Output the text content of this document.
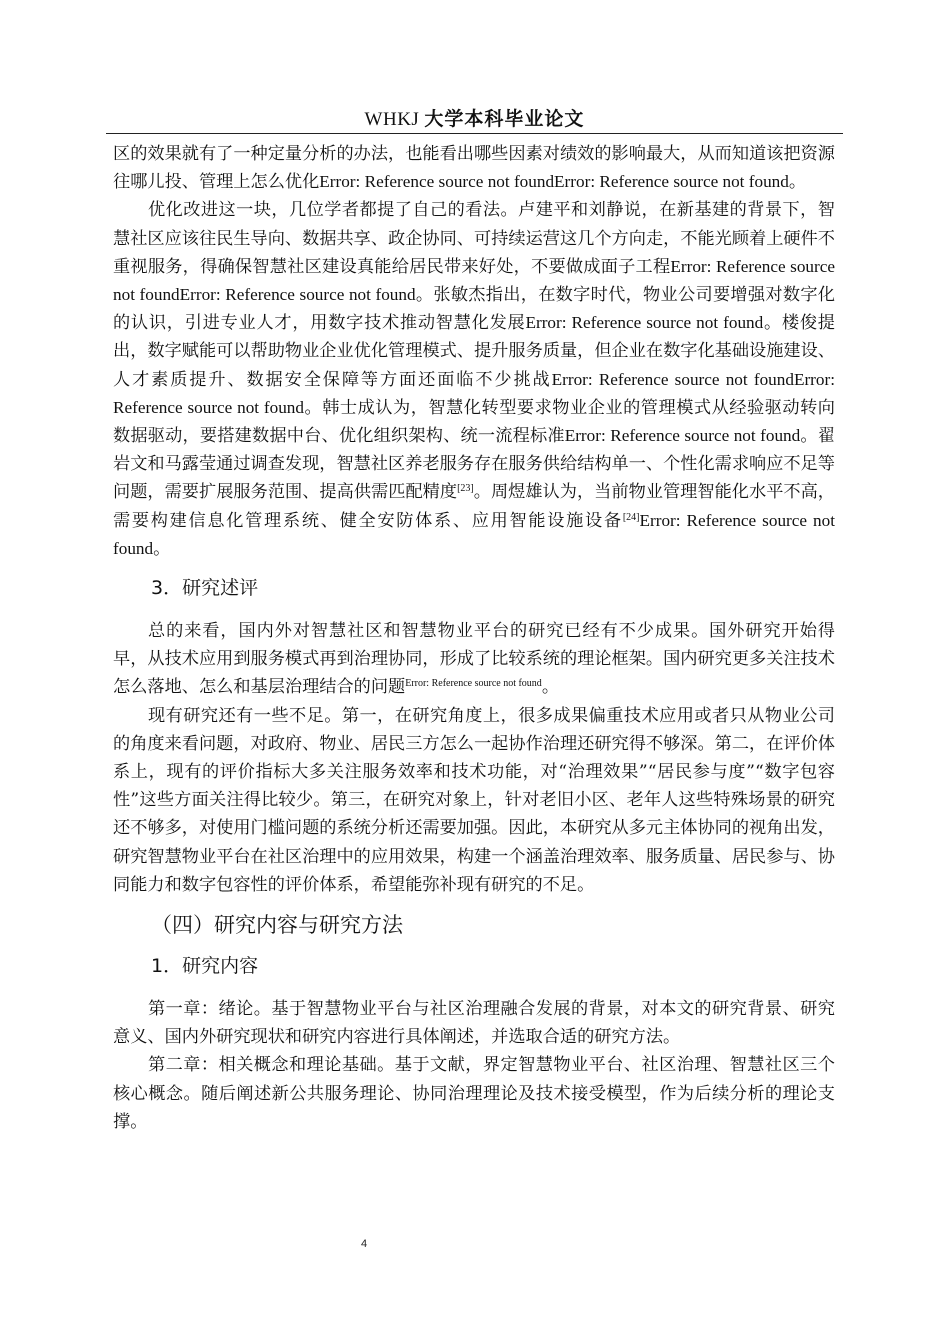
WHKJ 大学本科毕业论文

区的效果就有了一种定量分析的办法，也能看出哪些因素对绩效的影响最大，从而知道该把资源往哪儿投、管理上怎么优化Error: Reference source not foundError: Reference source not found。

优化改进这一块，几位学者都提了自己的看法。卢建平和刘静说，在新基建的背景下，智慧社区应该往民生导向、数据共享、政企协同、可持续运营这几个方向走，不能光顾着上硬件不重视服务，得确保智慧社区建设真能给居民带来好处，不要做成面子工程Error: Reference source not foundError: Reference source not found。张敏杰指出，在数字时代，物业公司要增强对数字化的认识，引进专业人才，用数字技术推动智慧化发展Error: Reference source not found。楼俊提出，数字赋能可以帮助物业企业优化管理模式、提升服务质量，但企业在数字化基础设施建设、人才素质提升、数据安全保障等方面还面临不少挑战Error: Reference source not foundError: Reference source not found。韩士成认为，智慧化转型要求物业企业的管理模式从经验驱动转向数据驱动，要搭建数据中台、优化组织架构、统一流程标准Error: Reference source not found。翟岩文和马露莹通过调查发现，智慧社区养老服务存在服务供给结构单一、个性化需求响应不足等问题，需要扩展服务范围、提高供需匹配精度[23]。周煜雄认为，当前物业管理智能化水平不高，需要构建信息化管理系统、健全安防体系、应用智能设施设备[24]Error: Reference source not found。

3．研究述评

总的来看，国内外对智慧社区和智慧物业平台的研究已经有不少成果。国外研究开始得早，从技术应用到服务模式再到治理协同，形成了比较系统的理论框架。国内研究更多关注技术怎么落地、怎么和基层治理结合的问题$^{Error: Reference source not found}$。

现有研究还有一些不足。第一，在研究角度上，很多成果偏重技术应用或者只从物业公司的角度来看问题，对政府、物业、居民三方怎么一起协作治理还研究得不够深。第二，在评价体系上，现有的评价指标大多关注服务效率和技术功能，对“治理效果”“居民参与度”“数字包容性”这些方面关注得比较少。第三，在研究对象上，针对老旧小区、老年人这些特殊场景的研究还不够多，对使用门槛问题的系统分析还需要加强。因此，本研究从多元主体协同的视角出发，研究智慧物业平台在社区治理中的应用效果，构建一个涵盖治理效率、服务质量、居民参与、协同能力和数字包容性的评价体系，希望能弥补现有研究的不足。

（四）研究内容与研究方法
1．研究内容

第一章：绪论。基于智慧物业平台与社区治理融合发展的背景，对本文的研究背景、研究意义、国内外研究现状和研究内容进行具体阐述，并选取合适的研究方法。

第二章：相关概念和理论基础。基于文献，界定智慧物业平台、社区治理、智慧社区三个核心概念。随后阐述新公共服务理论、协同治理理论及技术接受模型，作为后续分析的理论支撑。

4
